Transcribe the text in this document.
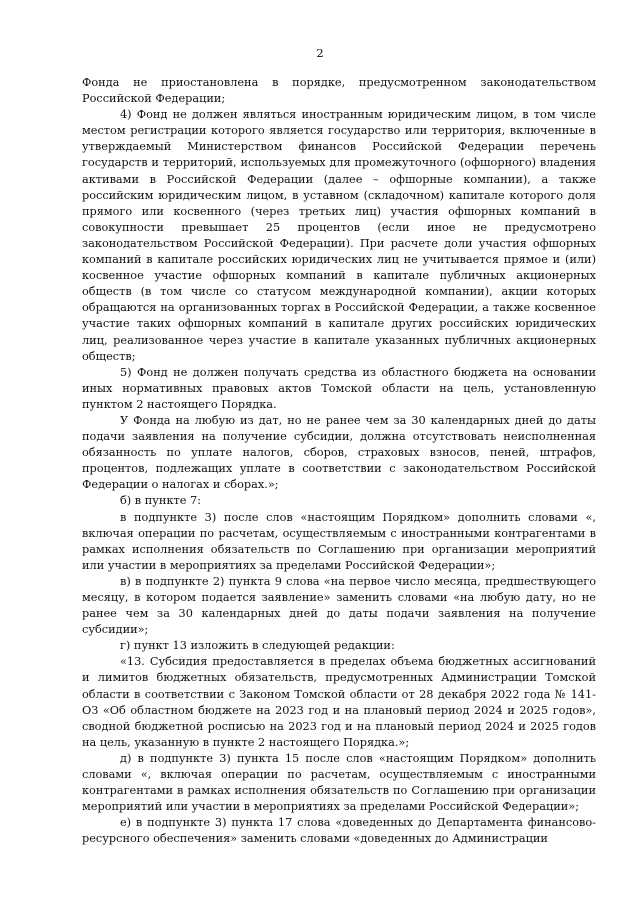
2

Фонда не приостановлена в порядке, предусмотренном законодательством Российской Федерации;

4) Фонд не должен являться иностранным юридическим лицом, в том числе местом регистрации которого является государство или территория, включенные в утверждаемый Министерством финансов Российской Федерации перечень государств и территорий, используемых для промежуточного (офшорного) владения активами в Российской Федерации (далее – офшорные компании), а также российским юридическим лицом, в уставном (складочном) капитале которого доля прямого или косвенного (через третьих лиц) участия офшорных компаний в совокупности превышает 25 процентов (если иное не предусмотрено законодательством Российской Федерации). При расчете доли участия офшорных компаний в капитале российских юридических лиц не учитывается прямое и (или) косвенное участие офшорных компаний в капитале публичных акционерных обществ (в том числе со статусом международной компании), акции которых обращаются на организованных торгах в Российской Федерации, а также косвенное участие таких офшорных компаний в капитале других российских юридических лиц, реализованное через участие в капитале указанных публичных акционерных обществ;

5) Фонд не должен получать средства из областного бюджета на основании иных нормативных правовых актов Томской области на цель, установленную пунктом 2 настоящего Порядка.

У Фонда на любую из дат, но не ранее чем за 30 календарных дней до даты подачи заявления на получение субсидии, должна отсутствовать неисполненная обязанность по уплате налогов, сборов, страховых взносов, пеней, штрафов, процентов, подлежащих уплате в соответствии с законодательством Российской Федерации о налогах и сборах.»;

б) в пункте 7:

в подпункте 3) после слов «настоящим Порядком» дополнить словами «, включая операции по расчетам, осуществляемым с иностранными контрагентами в рамках исполнения обязательств по Соглашению при организации мероприятий или участии в мероприятиях за пределами Российской Федерации»;

в) в подпункте 2) пункта 9 слова «на первое число месяца, предшествующего месяцу, в котором подается заявление» заменить словами «на любую дату, но не ранее чем за 30 календарных дней до даты подачи заявления на получение субсидии»;

г) пункт 13 изложить в следующей редакции:

«13. Субсидия предоставляется в пределах объема бюджетных ассигнований и лимитов бюджетных обязательств, предусмотренных Администрации Томской области в соответствии с Законом Томской области от 28 декабря 2022 года № 141-ОЗ «Об областном бюджете на 2023 год и на плановый период 2024 и 2025 годов», сводной бюджетной росписью на 2023 год и на плановый период 2024 и 2025 годов на цель, указанную в пункте 2 настоящего Порядка.»;

д) в подпункте 3) пункта 15 после слов «настоящим Порядком» дополнить словами «, включая операции по расчетам, осуществляемым с иностранными контрагентами в рамках исполнения обязательств по Соглашению при организации мероприятий или участии в мероприятиях за пределами Российской Федерации»;

е) в подпункте 3) пункта 17 слова «доведенных до Департамента финансово-ресурсного обеспечения» заменить словами «доведенных до Администрации
